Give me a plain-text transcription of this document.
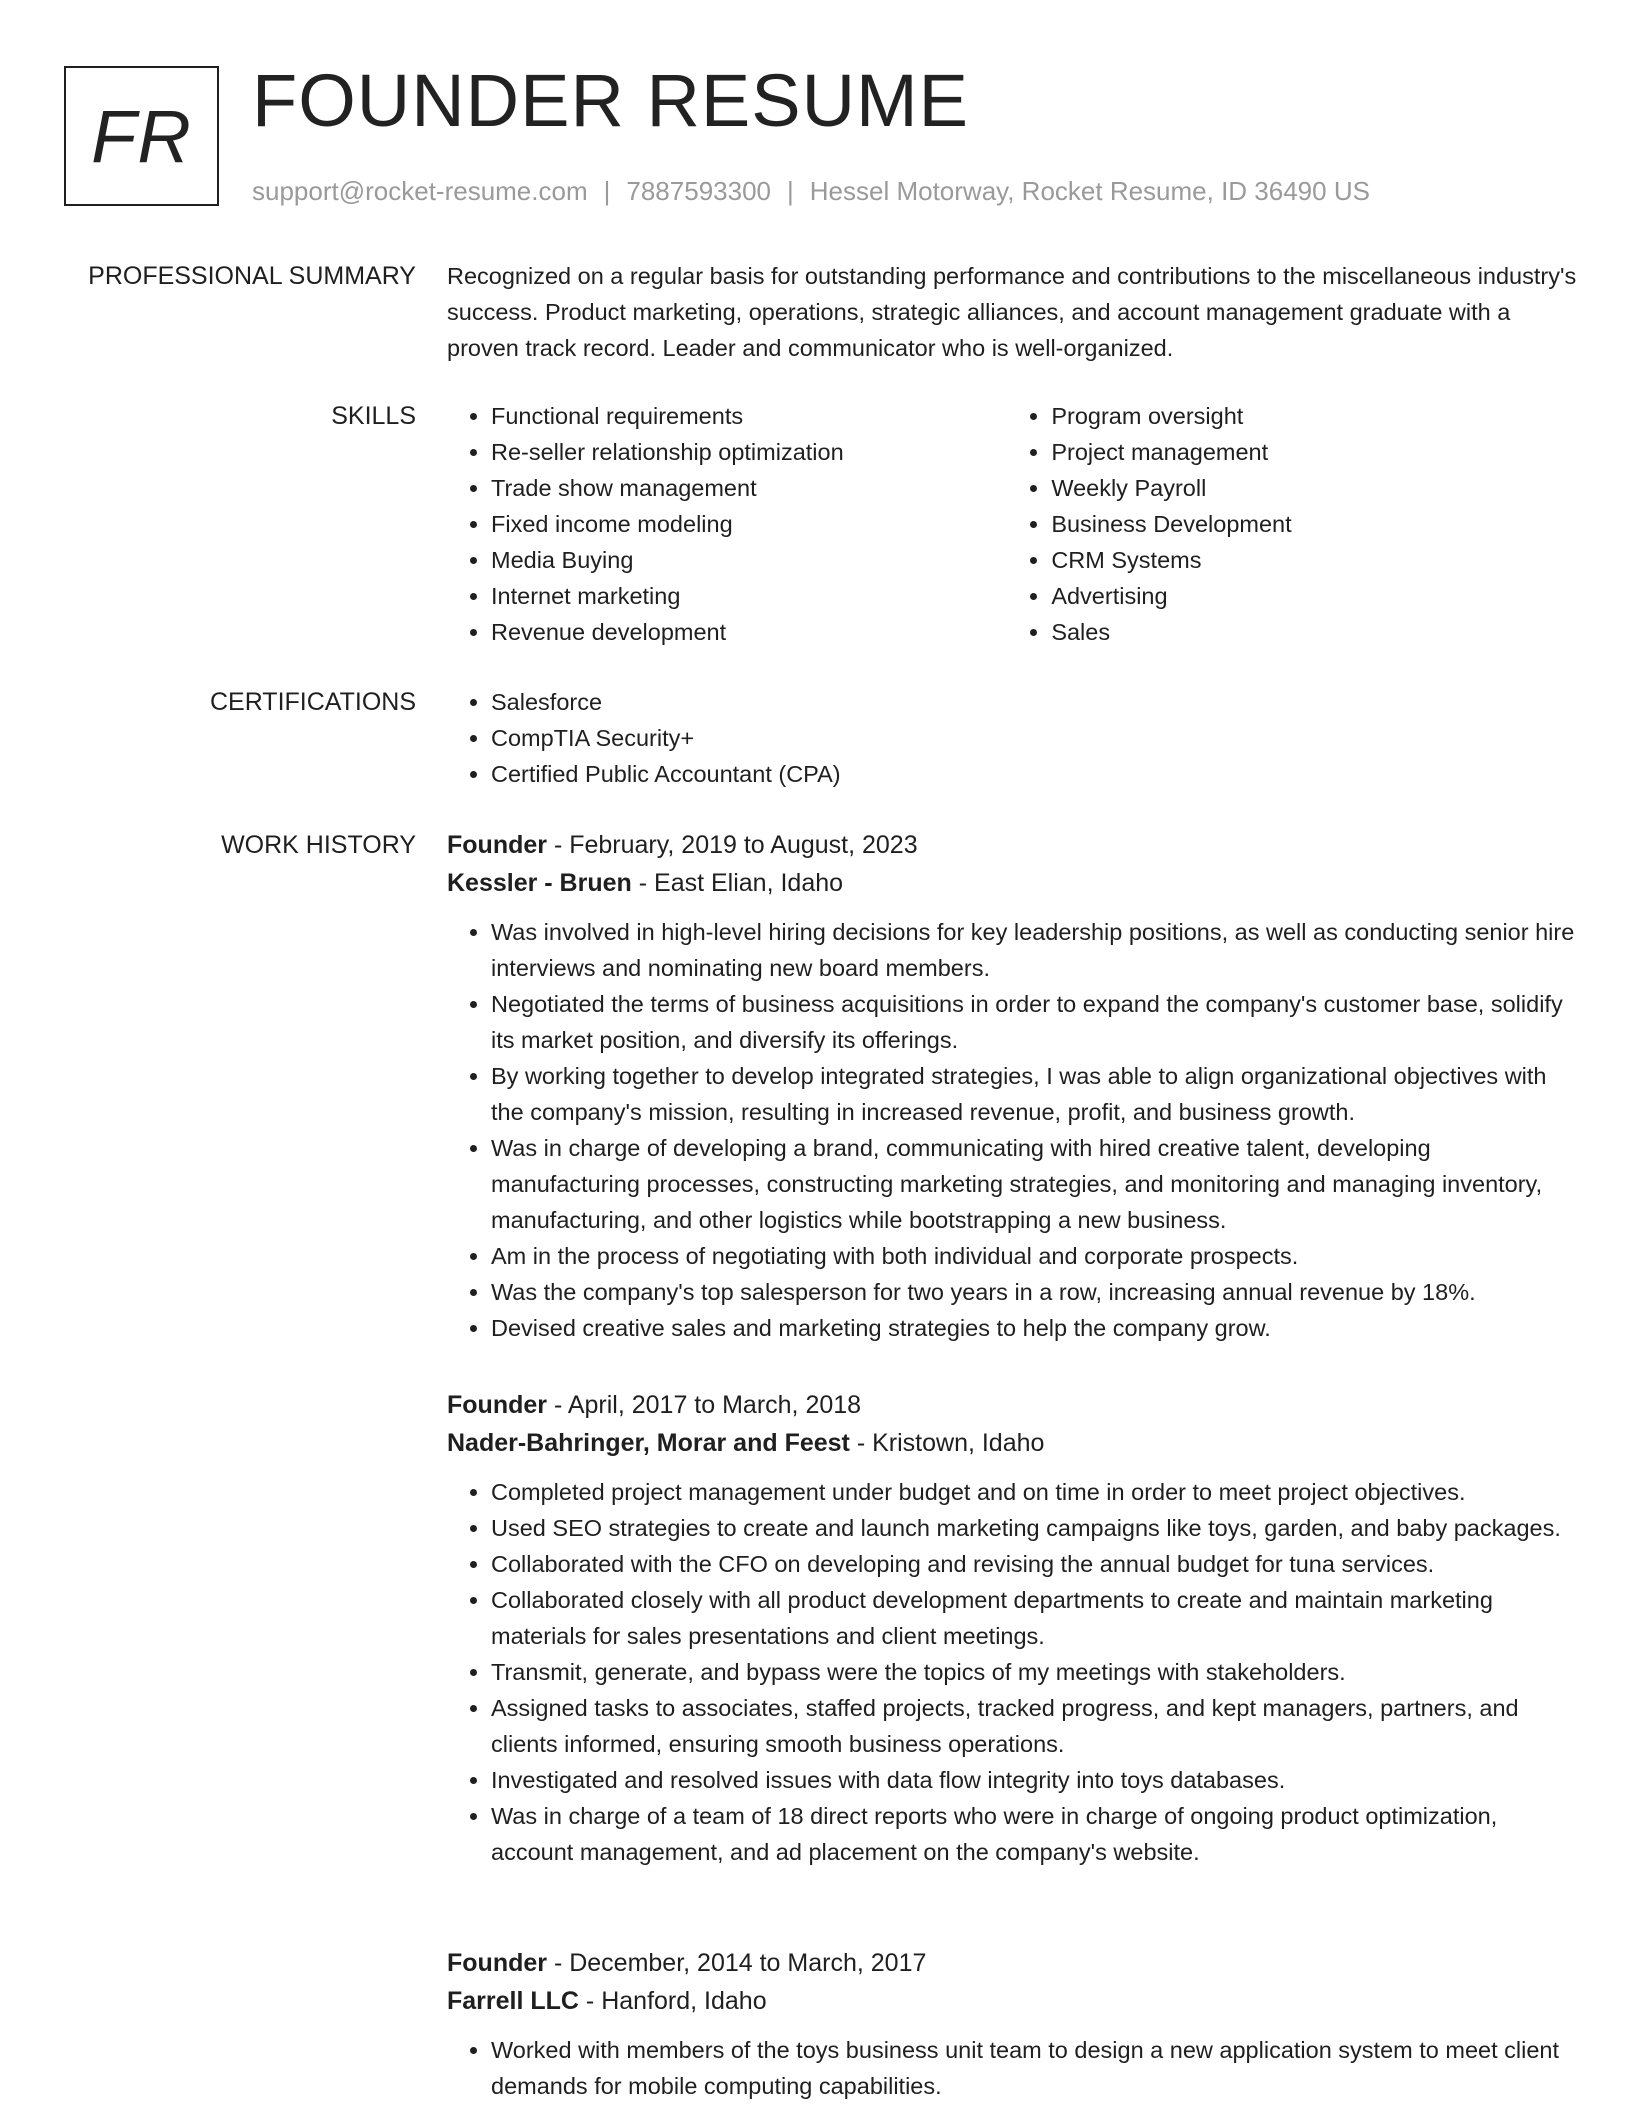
FR FOUNDER RESUME
support@rocket-resume.com | 7887593300 | Hessel Motorway, Rocket Resume, ID 36490 US
PROFESSIONAL SUMMARY Recognized on a regular basis for outstanding performance and contributions to the miscellaneous industry's success. Product marketing, operations, strategic alliances, and account management graduate with a proven track record. Leader and communicator who is well-organized.
SKILLS	• Functional requirements
• Re-seller relationship optimization
• Trade show management
• Fixed income modeling
• Media Buying
• Internet marketing
• Revenue development
• Program oversight
• Project management
• Weekly Payroll
• Business Development
• CRM Systems
• Advertising
• Sales
CERTIFICATIONS	• Salesforce
• CompTIA Security+
• Certified Public Accountant (CPA)
WORK HISTORY Founder - February, 2019 to August, 2023
Kessler - Bruen - East Elian, Idaho
• Was involved in high-level hiring decisions for key leadership positions, as well as conducting senior hire interviews and nominating new board members.
• Negotiated the terms of business acquisitions in order to expand the company's customer base, solidify its market position, and diversify its offerings.
• By working together to develop integrated strategies, I was able to align organizational objectives with the company's mission, resulting in increased revenue, profit, and business growth.
• Was in charge of developing a brand, communicating with hired creative talent, developing manufacturing processes, constructing marketing strategies, and monitoring and managing inventory, manufacturing, and other logistics while bootstrapping a new business.
• Am in the process of negotiating with both individual and corporate prospects.
• Was the company's top salesperson for two years in a row, increasing annual revenue by 18%.
• Devised creative sales and marketing strategies to help the company grow.
Founder - April, 2017 to March, 2018
Nader-Bahringer, Morar and Feest - Kristown, Idaho
• Completed project management under budget and on time in order to meet project objectives.
• Used SEO strategies to create and launch marketing campaigns like toys, garden, and baby packages.
• Collaborated with the CFO on developing and revising the annual budget for tuna services.
• Collaborated closely with all product development departments to create and maintain marketing materials for sales presentations and client meetings.
• Transmit, generate, and bypass were the topics of my meetings with stakeholders.
• Assigned tasks to associates, staffed projects, tracked progress, and kept managers, partners, and clients informed, ensuring smooth business operations.
• Investigated and resolved issues with data flow integrity into toys databases.
• Was in charge of a team of 18 direct reports who were in charge of ongoing product optimization, account management, and ad placement on the company's website.
Founder - December, 2014 to March, 2017
Farrell LLC - Hanford, Idaho
• Worked with members of the toys business unit team to design a new application system to meet client demands for mobile computing capabilities.
